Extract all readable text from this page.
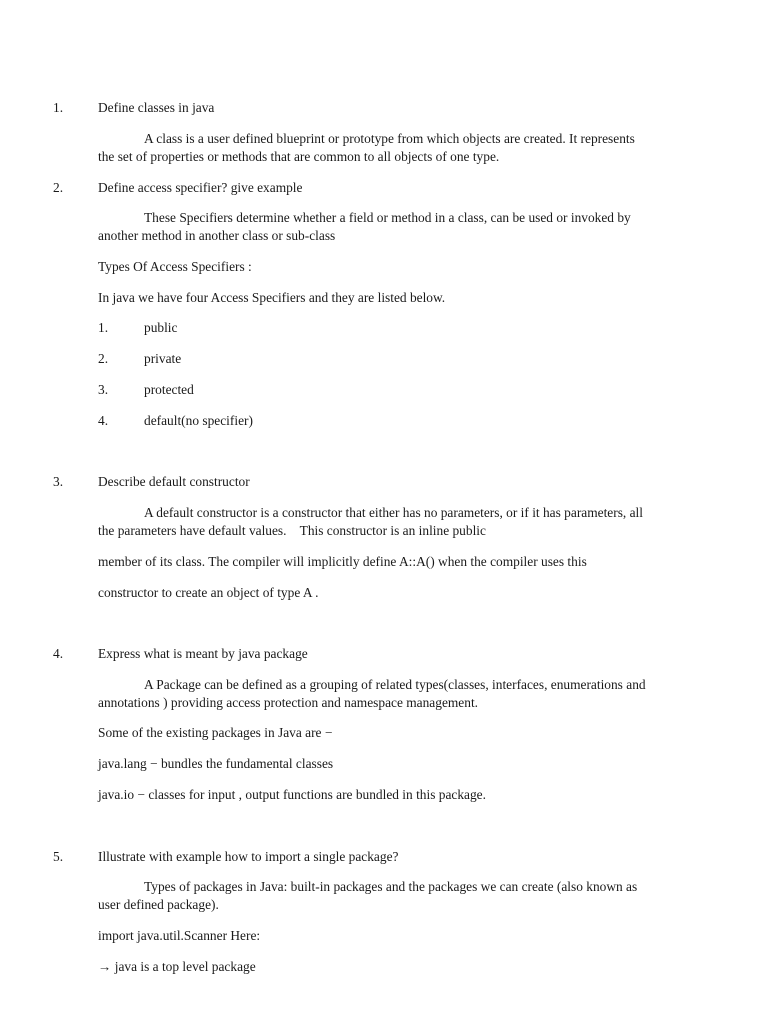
1.	Define classes in java
A class is a user defined blueprint or prototype from which objects are created. It represents
the set of properties or methods that are common to all objects of one type.
2.	Define access specifier? give example
These Specifiers determine whether a field or method in a class, can be used or invoked by
another method in another class or sub-class
Types Of Access Specifiers :
In java we have four Access Specifiers and they are listed below.
1.	public
2.	private
3.	protected
4.	default(no specifier)
3.	Describe default constructor
A default constructor is a constructor that either has no parameters, or if it has parameters, all
the parameters have default values.    This constructor is an inline public
member of its class. The compiler will implicitly define A::A() when the compiler uses this
constructor to create an object of type A .
4.	Express what is meant by java package
A Package can be defined as a grouping of related types(classes, interfaces, enumerations and
annotations ) providing access protection and namespace management.
Some of the existing packages in Java are −
java.lang − bundles the fundamental classes
java.io − classes for input , output functions are bundled in this package.
5.	Illustrate with example how to import a single package?
Types of packages in Java: built-in packages and the packages we can create (also known as
user defined package).
import java.util.Scanner Here:
→ java is a top level package
